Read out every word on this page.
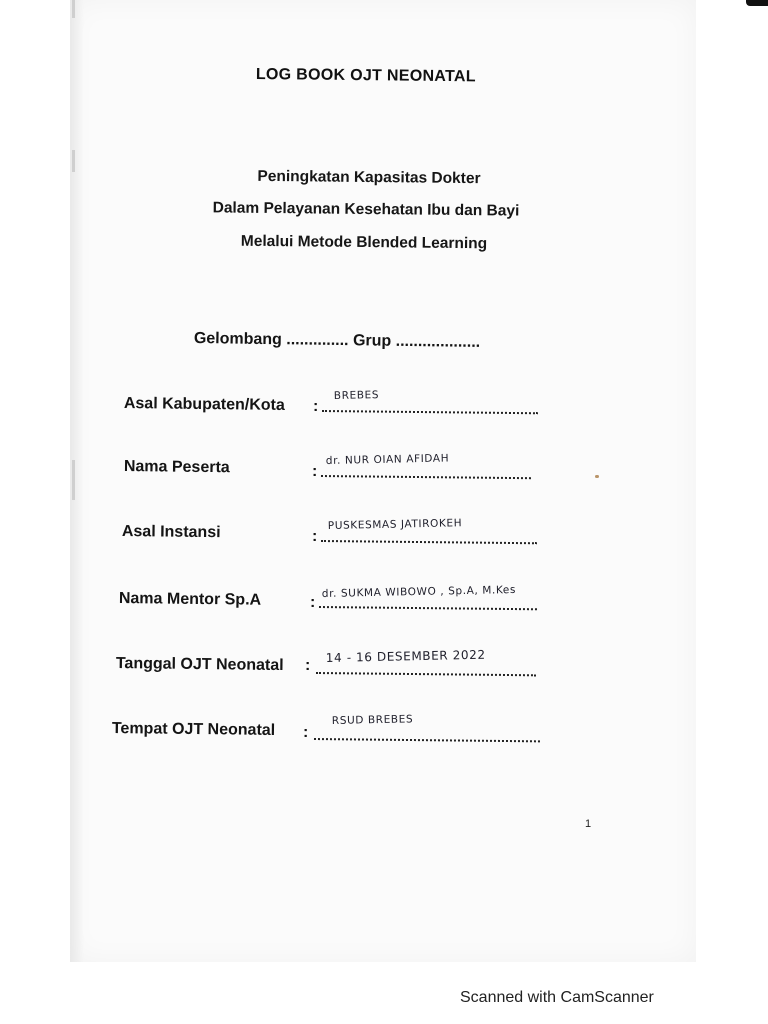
LOG BOOK OJT NEONATAL
Peningkatan Kapasitas Dokter
Dalam Pelayanan Kesehatan Ibu dan Bayi
Melalui Metode Blended Learning
Gelombang .............. Grup ...................
Asal Kabupaten/Kota :
BREBES
Nama Peserta	:
dr. NUR OIAN AFIDAH
Asal Instansi	:
PUSKESMAS JATIROKEH
Nama Mentor Sp.A	:
dr. SUKMA WIBOWO , Sp.A, M.Kes
Tanggal OJT Neonatal :
14 - 16 DESEMBER 2022
Tempat OJT Neonatal :
RSUD BREBES
1
Scanned with CamScanner
